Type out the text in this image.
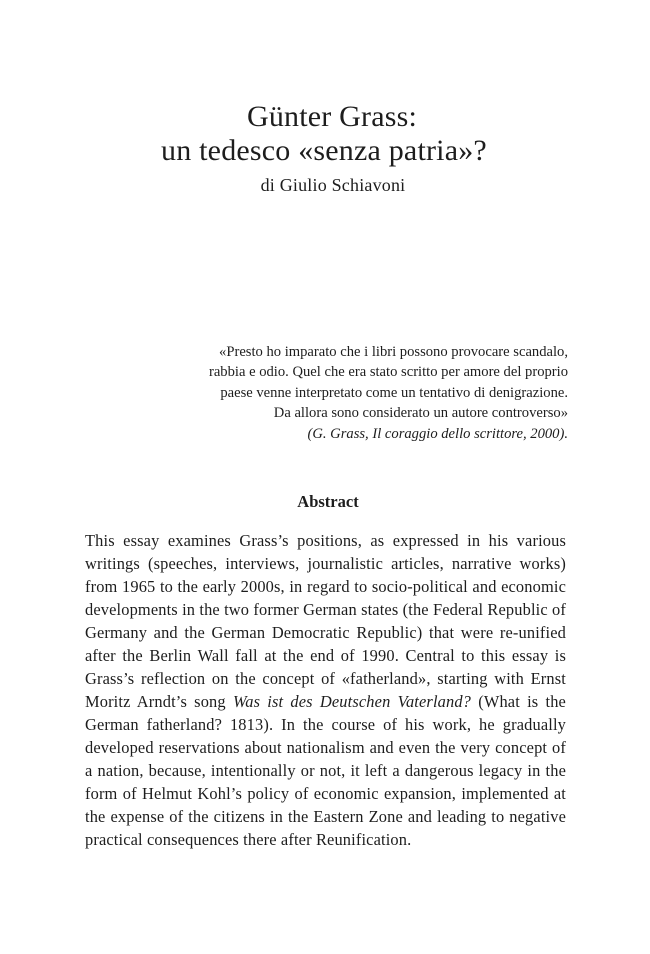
Günter Grass:
un tedesco «senza patria»?
di Giulio Schiavoni
«Presto ho imparato che i libri possono provocare scandalo, rabbia e odio. Quel che era stato scritto per amore del proprio paese venne interpretato come un tentativo di denigrazione. Da allora sono considerato un autore controverso»
(G. Grass, Il coraggio dello scrittore, 2000).
Abstract
This essay examines Grass’s positions, as expressed in his various writings (speeches, interviews, journalistic articles, narrative works) from 1965 to the early 2000s, in regard to socio-political and economic developments in the two former German states (the Federal Republic of Germany and the German Democratic Republic) that were re-unified after the Berlin Wall fall at the end of 1990. Central to this essay is Grass’s reflection on the concept of «fatherland», starting with Ernst Moritz Arndt’s song Was ist des Deutschen Vaterland? (What is the German fatherland? 1813). In the course of his work, he gradually developed reservations about nationalism and even the very concept of a nation, because, intentionally or not, it left a dangerous legacy in the form of Helmut Kohl’s policy of economic expansion, implemented at the expense of the citizens in the Eastern Zone and leading to negative practical consequences there after Reunification.
